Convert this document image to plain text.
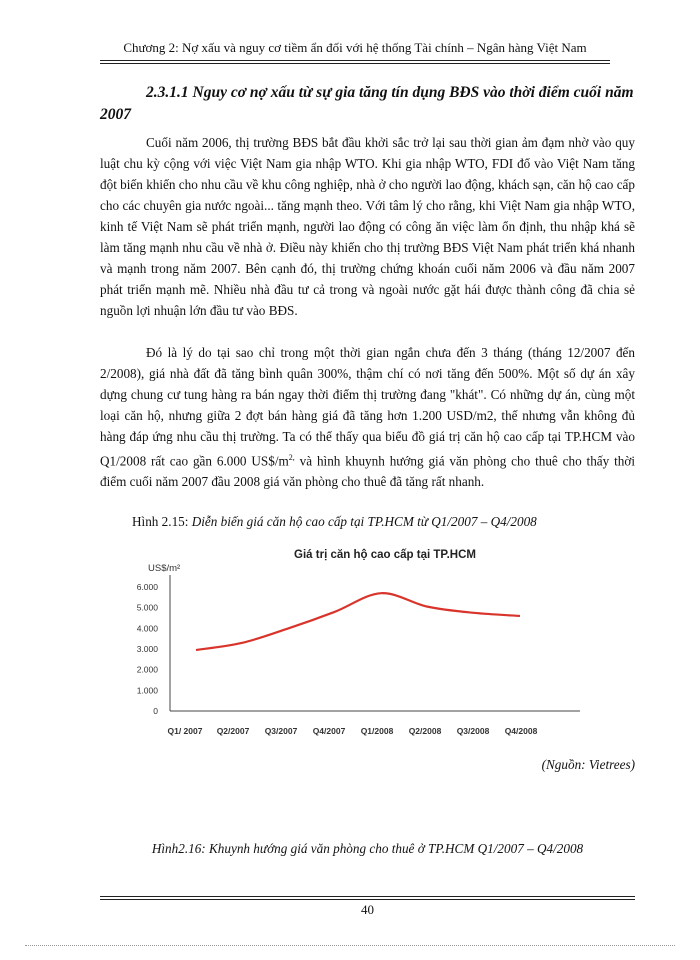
Chương 2: Nợ xấu và nguy cơ tiềm ẩn đối với hệ thống Tài chính – Ngân hàng Việt Nam
2.3.1.1 Nguy cơ nợ xấu từ sự gia tăng tín dụng BĐS vào thời điểm cuối năm 2007
Cuối năm 2006, thị trường BĐS bắt đầu khởi sắc trở lại sau thời gian ảm đạm nhờ vào quy luật chu kỳ cộng với việc Việt Nam gia nhập WTO. Khi gia nhập WTO, FDI đổ vào Việt Nam tăng đột biến khiến cho nhu cầu về khu công nghiệp, nhà ở cho người lao động, khách sạn, căn hộ cao cấp cho các chuyên gia nước ngoài... tăng mạnh theo. Với tâm lý cho rằng, khi Việt Nam gia nhập WTO, kinh tế Việt Nam sẽ phát triển mạnh, người lao động có công ăn việc làm ổn định, thu nhập khá sẽ làm tăng mạnh nhu cầu về nhà ở. Điều này khiến cho thị trường BĐS Việt Nam phát triển khá nhanh và mạnh trong năm 2007. Bên cạnh đó, thị trường chứng khoán cuối năm 2006 và đầu năm 2007 phát triển mạnh mẽ. Nhiều nhà đầu tư cả trong và ngoài nước gặt hái được thành công đã chia sẻ nguồn lợi nhuận lớn đầu tư vào BĐS.
Đó là lý do tại sao chỉ trong một thời gian ngắn chưa đến 3 tháng (tháng 12/2007 đến 2/2008), giá nhà đất đã tăng bình quân 300%, thậm chí có nơi tăng đến 500%. Một số dự án xây dựng chung cư tung hàng ra bán ngay thời điểm thị trường đang "khát". Có những dự án, cùng một loại căn hộ, nhưng giữa 2 đợt bán hàng giá đã tăng hơn 1.200 USD/m2, thế nhưng vẫn không đủ hàng đáp ứng nhu cầu thị trường. Ta có thể thấy qua biểu đồ giá trị căn hộ cao cấp tại TP.HCM vào Q1/2008 rất cao gần 6.000 $US\$/m^{2,}$ và hình khuynh hướng giá văn phòng cho thuê cho thấy thời điểm cuối năm 2007 đầu 2008 giá văn phòng cho thuê đã tăng rất nhanh.
Hình 2.15: Diễn biến giá căn hộ cao cấp tại TP.HCM từ Q1/2007 – Q4/2008
Giá trị căn hộ cao cấp tại TP.HCM
US$/m²
0
1.000
2.000
3.000
4.000
5.000
6.000
Q1/ 2007 Q2/2007 Q3/2007 Q4/2007 Q1/2008 Q2/2008 Q3/2008 Q4/2008
(Nguồn: Vietrees)
Hình2.16: Khuynh hướng giá văn phòng cho thuê ở TP.HCM Q1/2007 – Q4/2008
40
